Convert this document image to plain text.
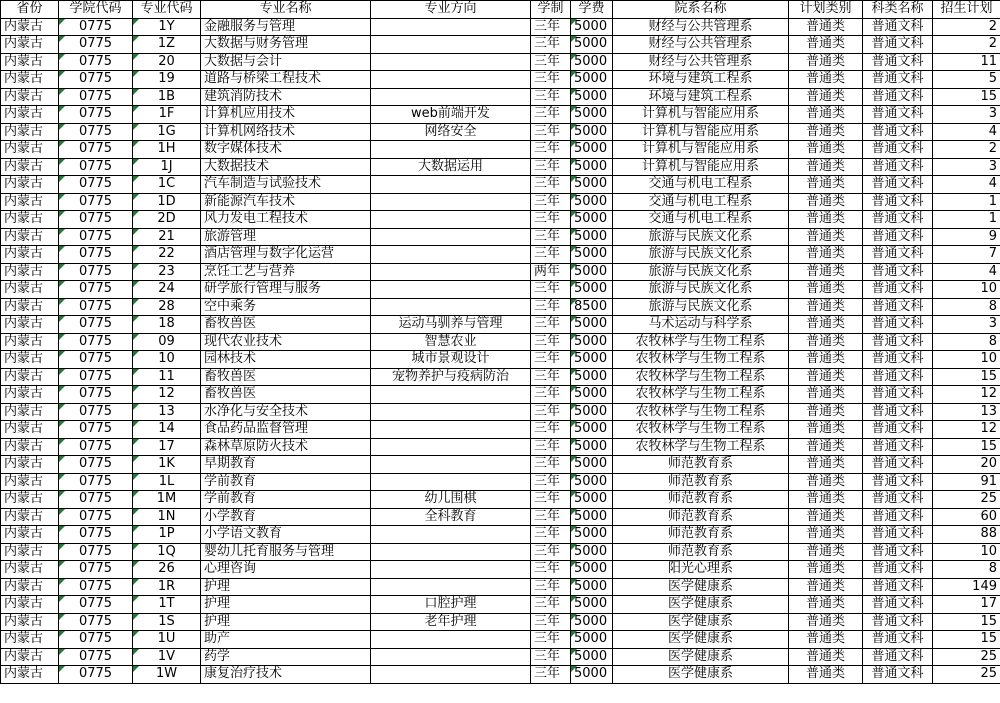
省份	学院代码	专业代码	专业名称	专业方向	学制	学费	院系名称	计划类别	科类名称	招生计划
内蒙古	0775	1Y	金融服务与管理		三年	5000	财经与公共管理系	普通类	普通文科	2
内蒙古	0775	1Z	大数据与财务管理		三年	5000	财经与公共管理系	普通类	普通文科	2
内蒙古	0775	20	大数据与会计		三年	5000	财经与公共管理系	普通类	普通文科	11
内蒙古	0775	19	道路与桥梁工程技术		三年	5000	环境与建筑工程系	普通类	普通文科	5
内蒙古	0775	1B	建筑消防技术		三年	5000	环境与建筑工程系	普通类	普通文科	15
内蒙古	0775	1F	计算机应用技术	web前端开发	三年	5000	计算机与智能应用系	普通类	普通文科	3
内蒙古	0775	1G	计算机网络技术	网络安全	三年	5000	计算机与智能应用系	普通类	普通文科	4
内蒙古	0775	1H	数字媒体技术		三年	5000	计算机与智能应用系	普通类	普通文科	2
内蒙古	0775	1J	大数据技术	大数据运用	三年	5000	计算机与智能应用系	普通类	普通文科	3
内蒙古	0775	1C	汽车制造与试验技术		三年	5000	交通与机电工程系	普通类	普通文科	4
内蒙古	0775	1D	新能源汽车技术		三年	5000	交通与机电工程系	普通类	普通文科	1
内蒙古	0775	2D	风力发电工程技术		三年	5000	交通与机电工程系	普通类	普通文科	1
内蒙古	0775	21	旅游管理		三年	5000	旅游与民族文化系	普通类	普通文科	9
内蒙古	0775	22	酒店管理与数字化运营		三年	5000	旅游与民族文化系	普通类	普通文科	7
内蒙古	0775	23	烹饪工艺与营养		两年	5000	旅游与民族文化系	普通类	普通文科	4
内蒙古	0775	24	研学旅行管理与服务		三年	5000	旅游与民族文化系	普通类	普通文科	10
内蒙古	0775	28	空中乘务		三年	8500	旅游与民族文化系	普通类	普通文科	8
内蒙古	0775	18	畜牧兽医	运动马驯养与管理	三年	5000	马术运动与科学系	普通类	普通文科	3
内蒙古	0775	09	现代农业技术	智慧农业	三年	5000	农牧林学与生物工程系	普通类	普通文科	8
内蒙古	0775	10	园林技术	城市景观设计	三年	5000	农牧林学与生物工程系	普通类	普通文科	10
内蒙古	0775	11	畜牧兽医	宠物养护与疫病防治	三年	5000	农牧林学与生物工程系	普通类	普通文科	15
内蒙古	0775	12	畜牧兽医		三年	5000	农牧林学与生物工程系	普通类	普通文科	12
内蒙古	0775	13	水净化与安全技术		三年	5000	农牧林学与生物工程系	普通类	普通文科	13
内蒙古	0775	14	食品药品监督管理		三年	5000	农牧林学与生物工程系	普通类	普通文科	12
内蒙古	0775	17	森林草原防火技术		三年	5000	农牧林学与生物工程系	普通类	普通文科	15
内蒙古	0775	1K	早期教育		三年	5000	师范教育系	普通类	普通文科	20
内蒙古	0775	1L	学前教育		三年	5000	师范教育系	普通类	普通文科	91
内蒙古	0775	1M	学前教育	幼儿围棋	三年	5000	师范教育系	普通类	普通文科	25
内蒙古	0775	1N	小学教育	全科教育	三年	5000	师范教育系	普通类	普通文科	60
内蒙古	0775	1P	小学语文教育		三年	5000	师范教育系	普通类	普通文科	88
内蒙古	0775	1Q	婴幼儿托育服务与管理		三年	5000	师范教育系	普通类	普通文科	10
内蒙古	0775	26	心理咨询		三年	5000	阳光心理系	普通类	普通文科	8
内蒙古	0775	1R	护理		三年	5000	医学健康系	普通类	普通文科	149
内蒙古	0775	1T	护理	口腔护理	三年	5000	医学健康系	普通类	普通文科	17
内蒙古	0775	1S	护理	老年护理	三年	5000	医学健康系	普通类	普通文科	15
内蒙古	0775	1U	助产		三年	5000	医学健康系	普通类	普通文科	15
内蒙古	0775	1V	药学		三年	5000	医学健康系	普通类	普通文科	25
内蒙古	0775	1W	康复治疗技术		三年	5000	医学健康系	普通类	普通文科	25
